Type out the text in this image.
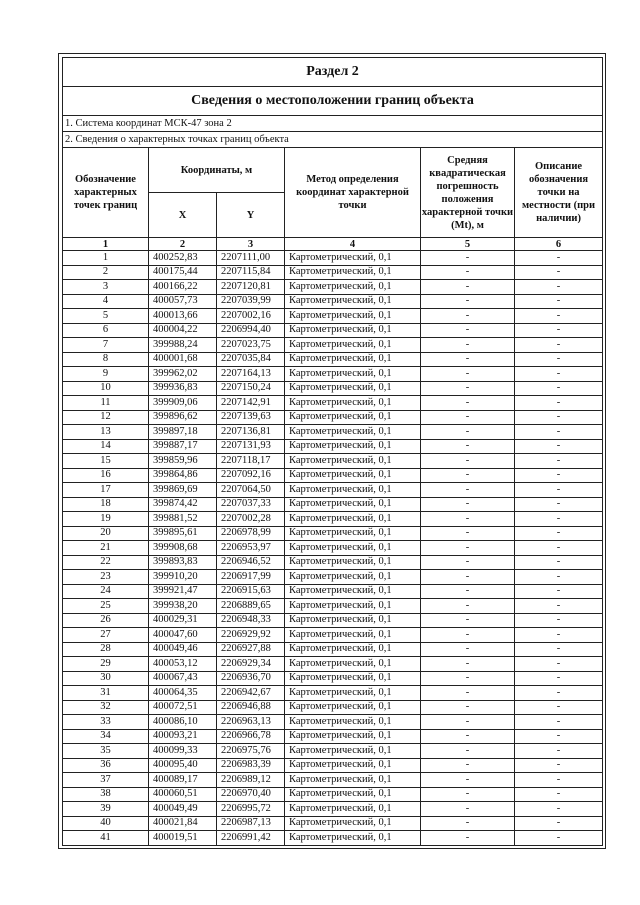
Раздел 2					
Сведения о местоположении границ объекта					
1. Система координат МСК-47 зона 2					
2. Сведения о характерных точках границ объекта					
Обозначение характерных точек границ	Координаты, м		Метод определения координат характерной точки	Средняя квадратическая погрешность положения характерной точки (Mt), м	Описание обозначения точки на местности (при наличии)
	X	Y			
1	2	3	4	5	6
1	400252,83	2207111,00	Картометрический, 0,1	-	-
2	400175,44	2207115,84	Картометрический, 0,1	-	-
3	400166,22	2207120,81	Картометрический, 0,1	-	-
4	400057,73	2207039,99	Картометрический, 0,1	-	-
5	400013,66	2207002,16	Картометрический, 0,1	-	-
6	400004,22	2206994,40	Картометрический, 0,1	-	-
7	399988,24	2207023,75	Картометрический, 0,1	-	-
8	400001,68	2207035,84	Картометрический, 0,1	-	-
9	399962,02	2207164,13	Картометрический, 0,1	-	-
10	399936,83	2207150,24	Картометрический, 0,1	-	-
11	399909,06	2207142,91	Картометрический, 0,1	-	-
12	399896,62	2207139,63	Картометрический, 0,1	-	-
13	399897,18	2207136,81	Картометрический, 0,1	-	-
14	399887,17	2207131,93	Картометрический, 0,1	-	-
15	399859,96	2207118,17	Картометрический, 0,1	-	-
16	399864,86	2207092,16	Картометрический, 0,1	-	-
17	399869,69	2207064,50	Картометрический, 0,1	-	-
18	399874,42	2207037,33	Картометрический, 0,1	-	-
19	399881,52	2207002,28	Картометрический, 0,1	-	-
20	399895,61	2206978,99	Картометрический, 0,1	-	-
21	399908,68	2206953,97	Картометрический, 0,1	-	-
22	399893,83	2206946,52	Картометрический, 0,1	-	-
23	399910,20	2206917,99	Картометрический, 0,1	-	-
24	399921,47	2206915,63	Картометрический, 0,1	-	-
25	399938,20	2206889,65	Картометрический, 0,1	-	-
26	400029,31	2206948,33	Картометрический, 0,1	-	-
27	400047,60	2206929,92	Картометрический, 0,1	-	-
28	400049,46	2206927,88	Картометрический, 0,1	-	-
29	400053,12	2206929,34	Картометрический, 0,1	-	-
30	400067,43	2206936,70	Картометрический, 0,1	-	-
31	400064,35	2206942,67	Картометрический, 0,1	-	-
32	400072,51	2206946,88	Картометрический, 0,1	-	-
33	400086,10	2206963,13	Картометрический, 0,1	-	-
34	400093,21	2206966,78	Картометрический, 0,1	-	-
35	400099,33	2206975,76	Картометрический, 0,1	-	-
36	400095,40	2206983,39	Картометрический, 0,1	-	-
37	400089,17	2206989,12	Картометрический, 0,1	-	-
38	400060,51	2206970,40	Картометрический, 0,1	-	-
39	400049,49	2206995,72	Картометрический, 0,1	-	-
40	400021,84	2206987,13	Картометрический, 0,1	-	-
41	400019,51	2206991,42	Картометрический, 0,1	-	-
